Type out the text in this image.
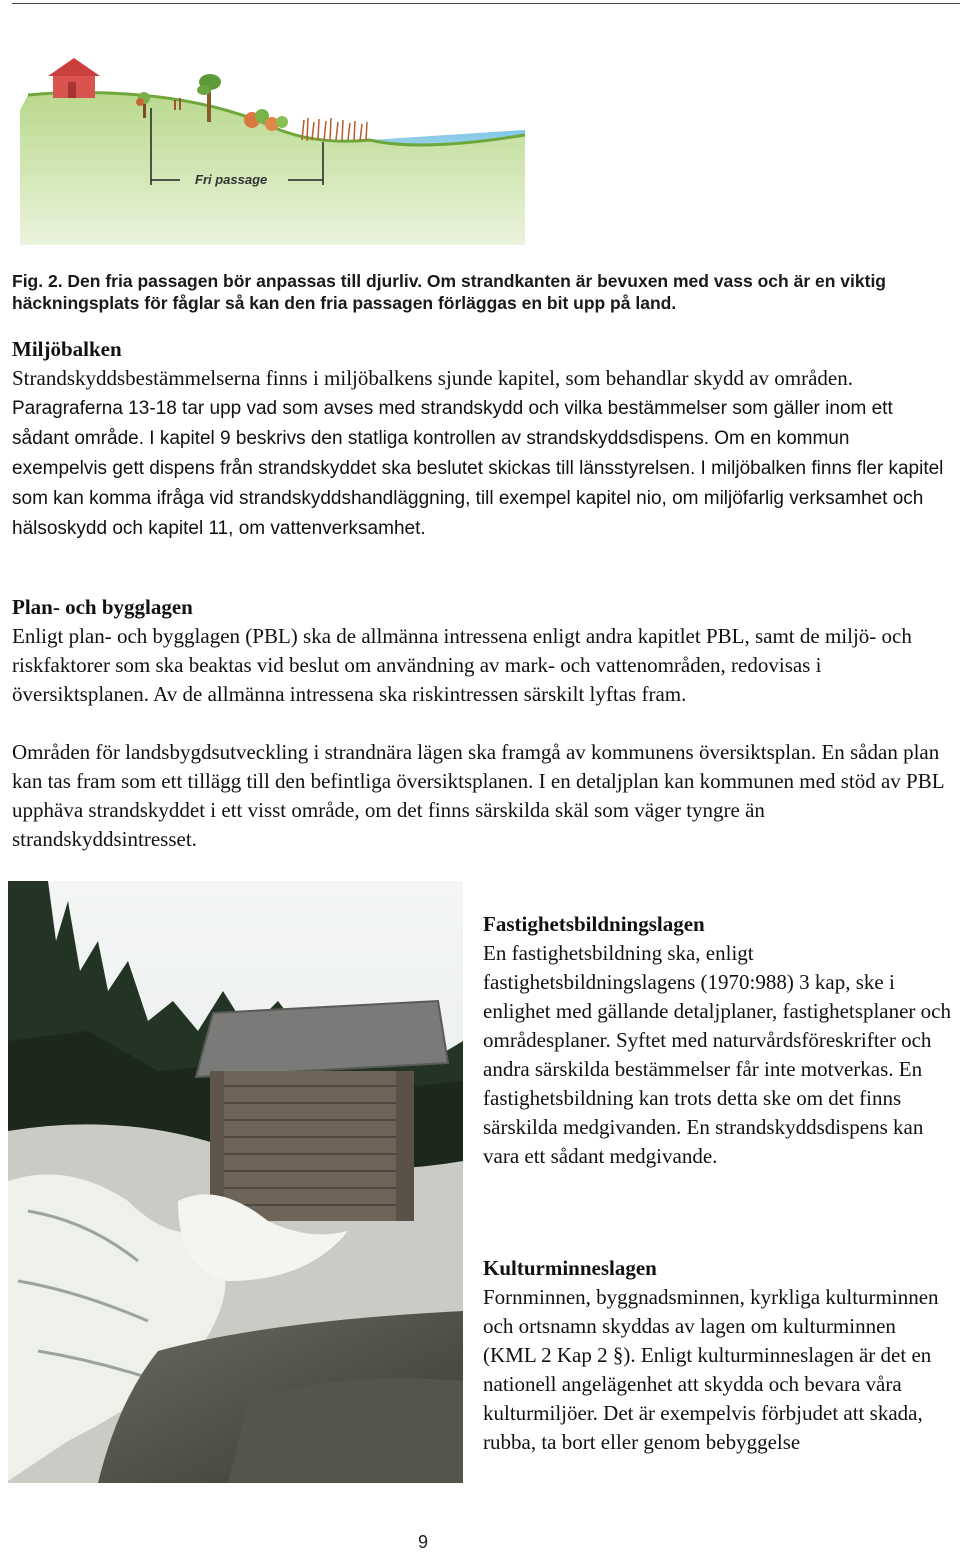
Fri passage
Fig. 2. Den fria passagen bör anpassas till djurliv. Om strandkanten är bevuxen med vass och är en viktig häckningsplats för fåglar så kan den fria passagen förläggas en bit upp på land.
Miljöbalken
Strandskyddsbestämmelserna finns i miljöbalkens sjunde kapitel, som behandlar skydd av områden. Paragraferna 13-18 tar upp vad som avses med strandskydd och vilka bestämmelser som gäller inom ett sådant område. I kapitel 9 beskrivs den statliga kontrollen av strandskyddsdispens. Om en kommun exempelvis gett dispens från strandskyddet ska beslutet skickas till länsstyrelsen. I miljöbalken finns fler kapitel som kan komma ifråga vid strandskyddshandläggning, till exempel kapitel nio, om miljöfarlig verksamhet och hälsoskydd och kapitel 11, om vattenverksamhet.
Plan- och bygglagen
Enligt plan- och bygglagen (PBL) ska de allmänna intressena enligt andra kapitlet PBL, samt de miljö- och riskfaktorer som ska beaktas vid beslut om användning av mark- och vattenområden, redovisas i översiktsplanen. Av de allmänna intressena ska riskintressen särskilt lyftas fram.
Områden för landsbygdsutveckling i strandnära lägen ska framgå av kommunens översiktsplan. En sådan plan kan tas fram som ett tillägg till den befintliga översiktsplanen. I en detaljplan kan kommunen med stöd av PBL upphäva strandskyddet i ett visst område, om det finns särskilda skäl som väger tyngre än strandskyddsintresset.
Fastighetsbildningslagen
En fastighetsbildning ska, enligt fastighetsbildningslagens (1970:988) 3 kap, ske i enlighet med gällande detaljplaner, fastighetsplaner och områdesplaner. Syftet med naturvårdsföreskrifter och andra särskilda bestämmelser får inte motverkas. En fastighetsbildning kan trots detta ske om det finns särskilda medgivanden. En strandskyddsdispens kan vara ett sådant medgivande.
Kulturminneslagen
Fornminnen, byggnadsminnen, kyrkliga kulturminnen och ortsnamn skyddas av lagen om kulturminnen (KML 2 Kap 2 §). Enligt kulturminneslagen är det en nationell angelägenhet att skydda och bevara våra kulturmiljöer. Det är exempelvis förbjudet att skada, rubba, ta bort eller genom bebyggelse
9
